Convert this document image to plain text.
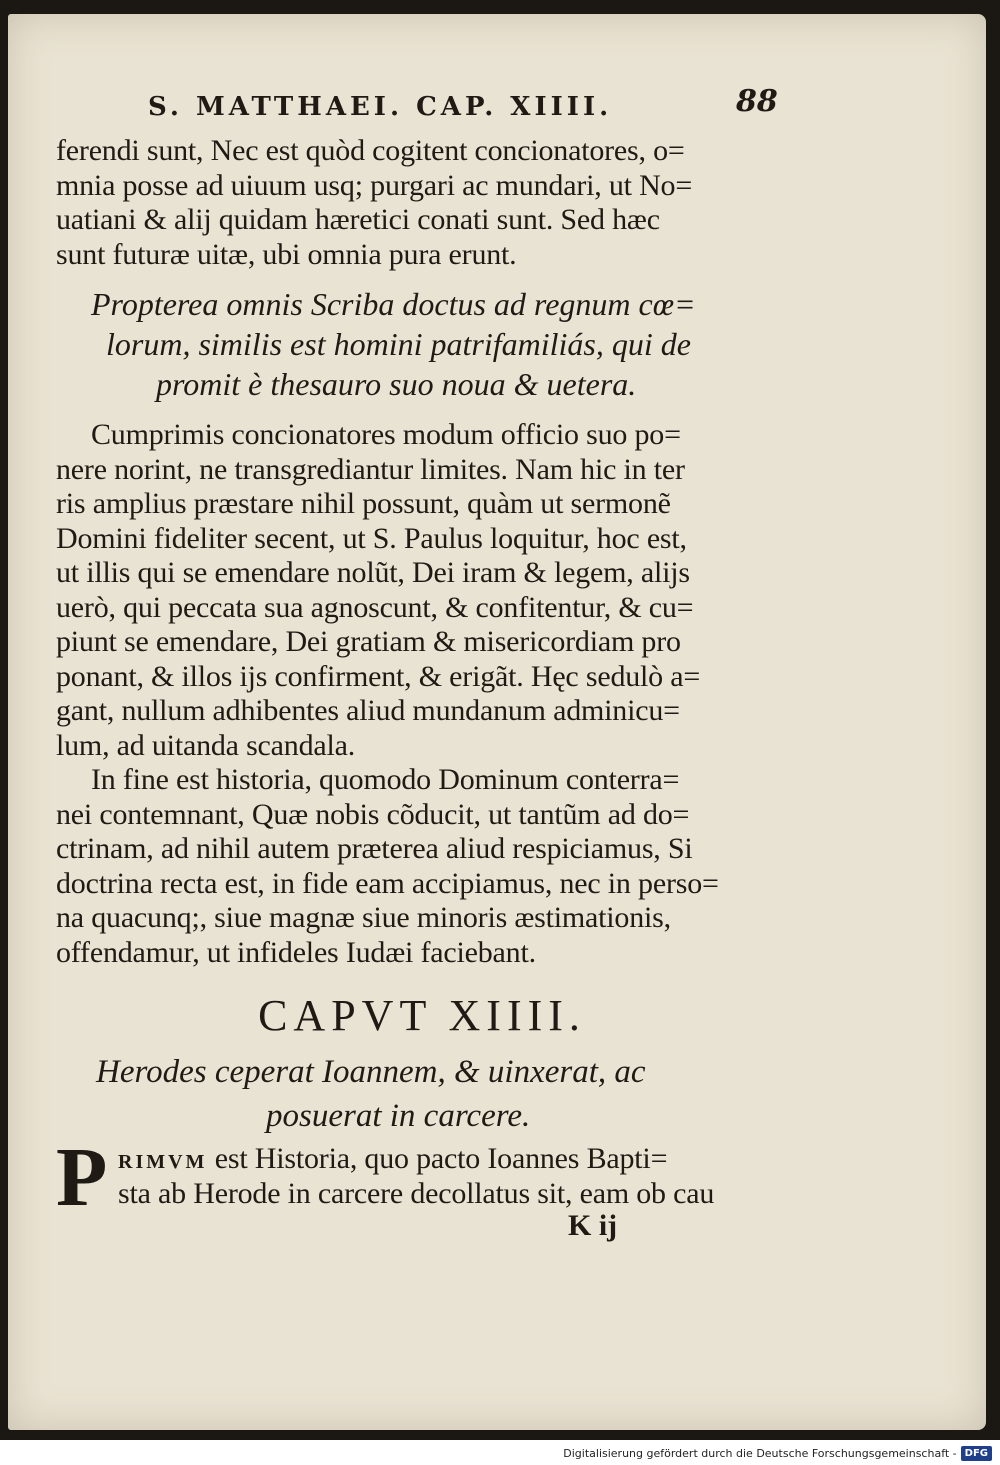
S. MATTHAEI. CAP. XIIII.	88
ferendi sunt, Nec est quòd cogitent concionatores, o=
mnia posse ad uiuum usq; purgari ac mundari, ut No=
uatiani & alij quidam hæretici conati sunt. Sed hæc
sunt futuræ uitæ, ubi omnia pura erunt.
Propterea omnis Scriba doctus ad regnum cœ=
lorum, similis est homini patrifamiliás, qui de
promit è thesauro suo noua & uetera.
Cumprimis concionatores modum officio suo po=
nere norint, ne transgrediantur limites. Nam hic in ter
ris amplius præstare nihil possunt, quàm ut sermonẽ
Domini fideliter secent, ut S. Paulus loquitur, hoc est,
ut illis qui se emendare nolũt, Dei iram & legem, alijs
uerò, qui peccata sua agnoscunt, & confitentur, & cu=
piunt se emendare, Dei gratiam & misericordiam pro
ponant, & illos ijs confirment, & erigãt. Hęc sedulò a=
gant, nullum adhibentes aliud mundanum adminicu=
lum, ad uitanda scandala.
In fine est historia, quomodo Dominum conterra=
nei contemnant, Quæ nobis cõducit, ut tantũm ad do=
ctrinam, ad nihil autem præterea aliud respiciamus, Si
doctrina recta est, in fide eam accipiamus, nec in perso=
na quacunq;, siue magnæ siue minoris æstimationis,
offendamur, ut infideles Iudæi faciebant.
CAPVT XIIII.
Herodes ceperat Ioannem, & uinxerat, ac
posuerat in carcere.
P RIMVM est Historia, quo pacto Ioannes Bapti=
sta ab Herode in carcere decollatus sit, eam ob cau
K ij
Digitalisierung gefördert durch die Deutsche Forschungsgemeinschaft - DFG
